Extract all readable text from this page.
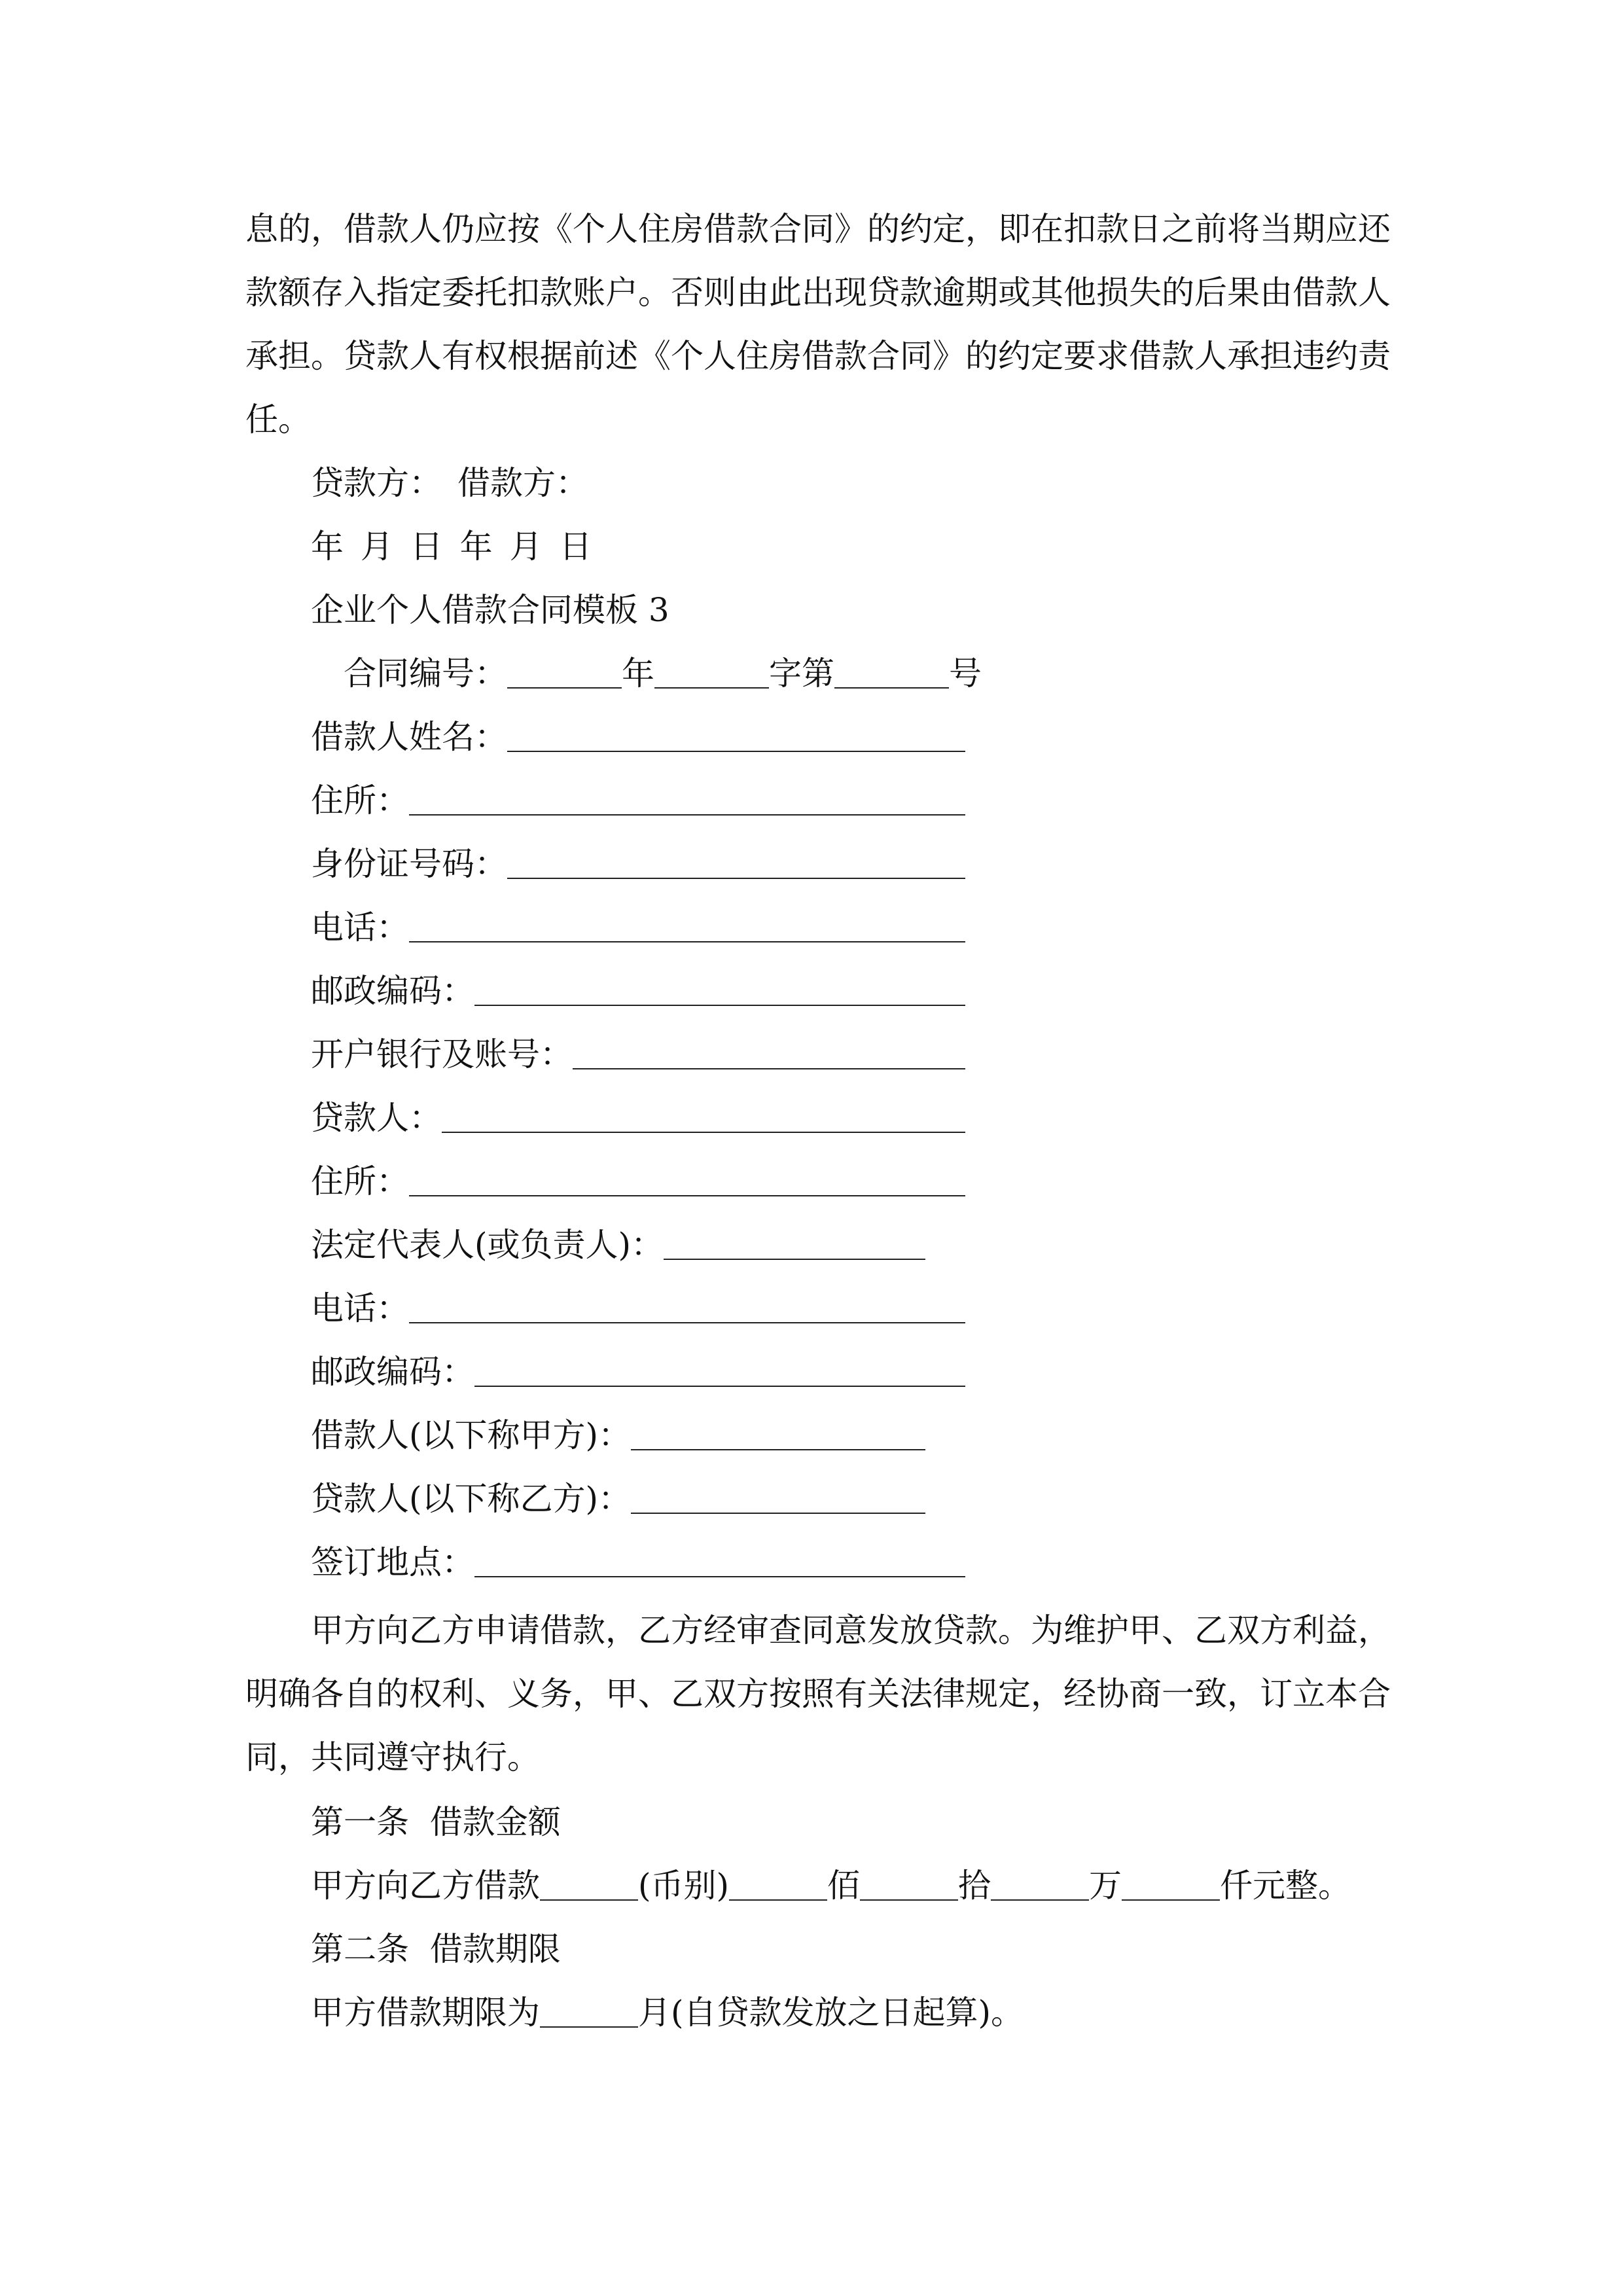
息的，借款人仍应按《个人住房借款合同》的约定，即在扣款日之前将当期应还
款额存入指定委托扣款账户。否则由此出现贷款逾期或其他损失的后果由借款人
承担。贷款人有权根据前述《个人住房借款合同》的约定要求借款人承担违约责
任。
贷款方： 借款方：
年 月 日 年 月 日
企业个人借款合同模板 3
合同编号：	年	字第	号
借款人姓名：
住所：
身份证号码：
电话：
邮政编码：
开户银行及账号：
贷款人：
住所：
法定代表人(或负责人)：
电话：
邮政编码：
借款人(以下称甲方)：
贷款人(以下称乙方)：
签订地点：
甲方向乙方申请借款，乙方经审查同意发放贷款。为维护甲、乙双方利益，
明确各自的权利、义务，甲、乙双方按照有关法律规定，经协商一致，订立本合
同，共同遵守执行。
第一条  借款金额
甲方向乙方借款	(币别)	佰	拾	万	仟元整。
第二条  借款期限
甲方借款期限为	月(自贷款发放之日起算)。
